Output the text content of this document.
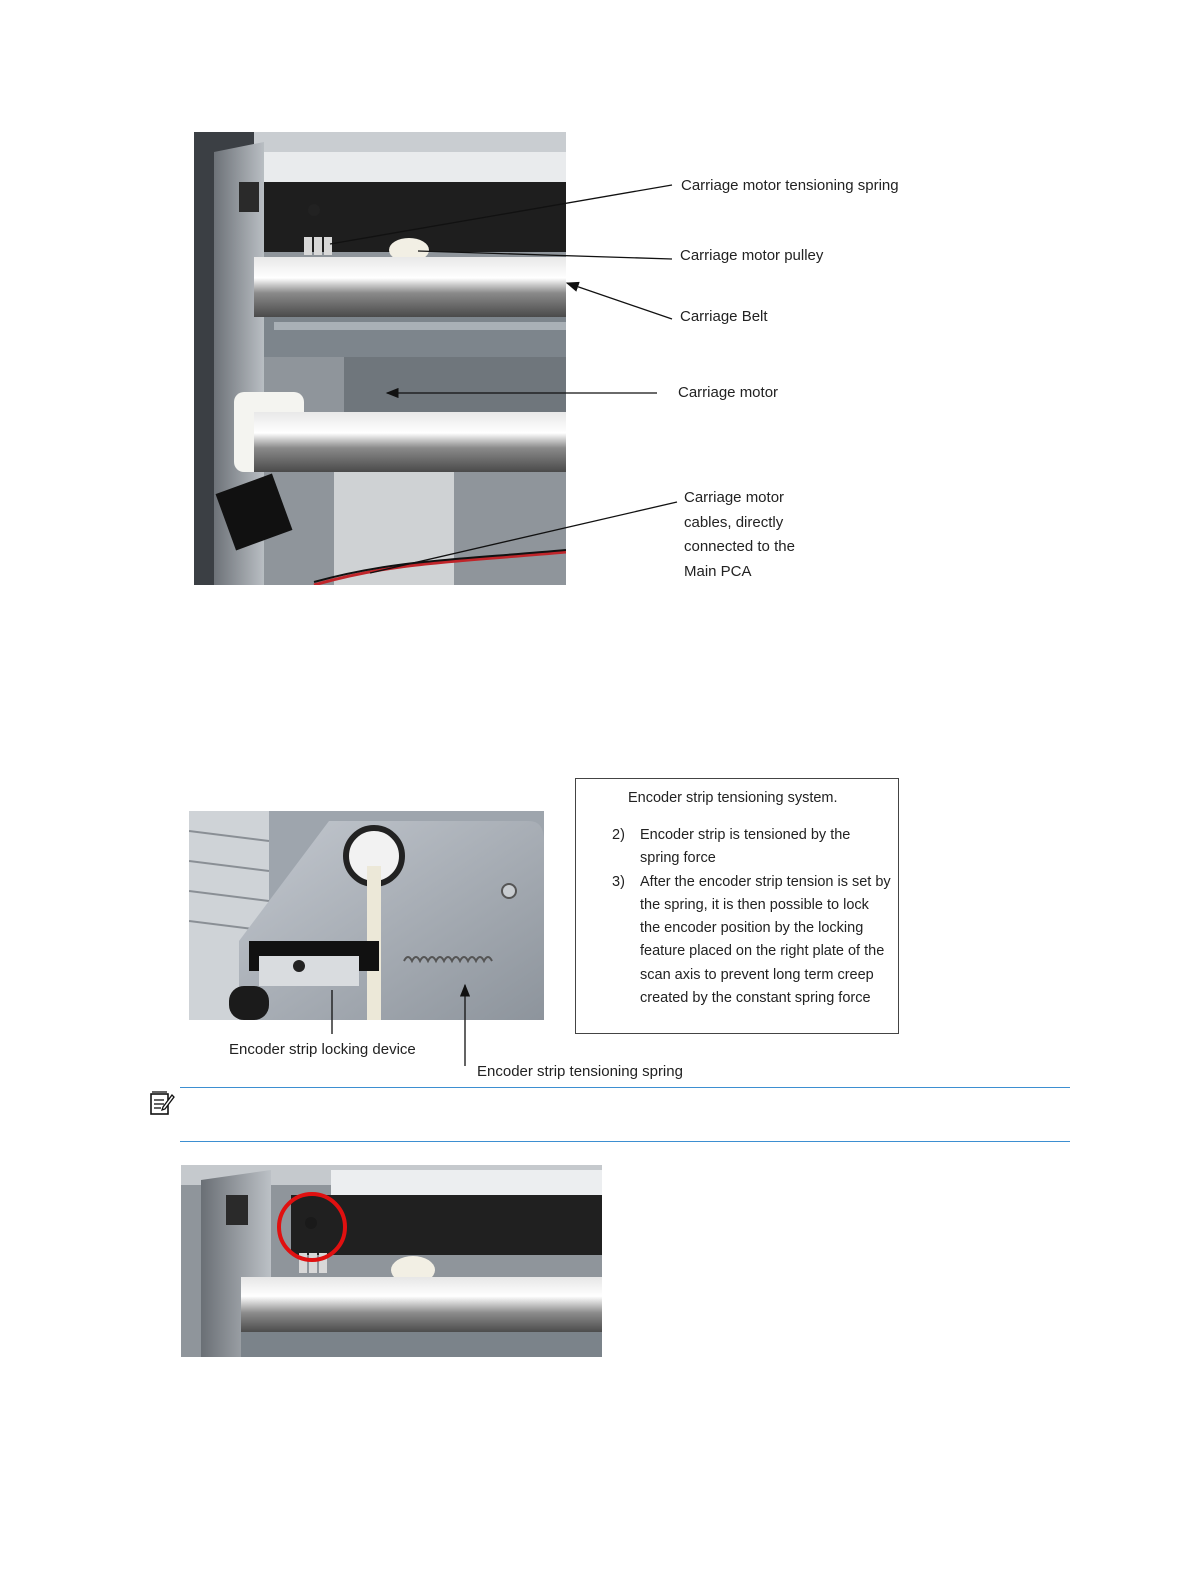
Encoder strip tensioning system.
2) Encoder strip is tensioned by the spring force
3) After the encoder strip tension is set by the spring, it is then possible to lock the encoder position by the locking feature placed on the right plate of the scan axis to prevent long term creep created by the constant spring force
Carriage motor tensioning spring
Carriage motor pulley
Carriage Belt
Carriage motor
Carriage motor
cables, directly
connected to the
Main PCA
Encoder strip locking device
Encoder strip tensioning spring
